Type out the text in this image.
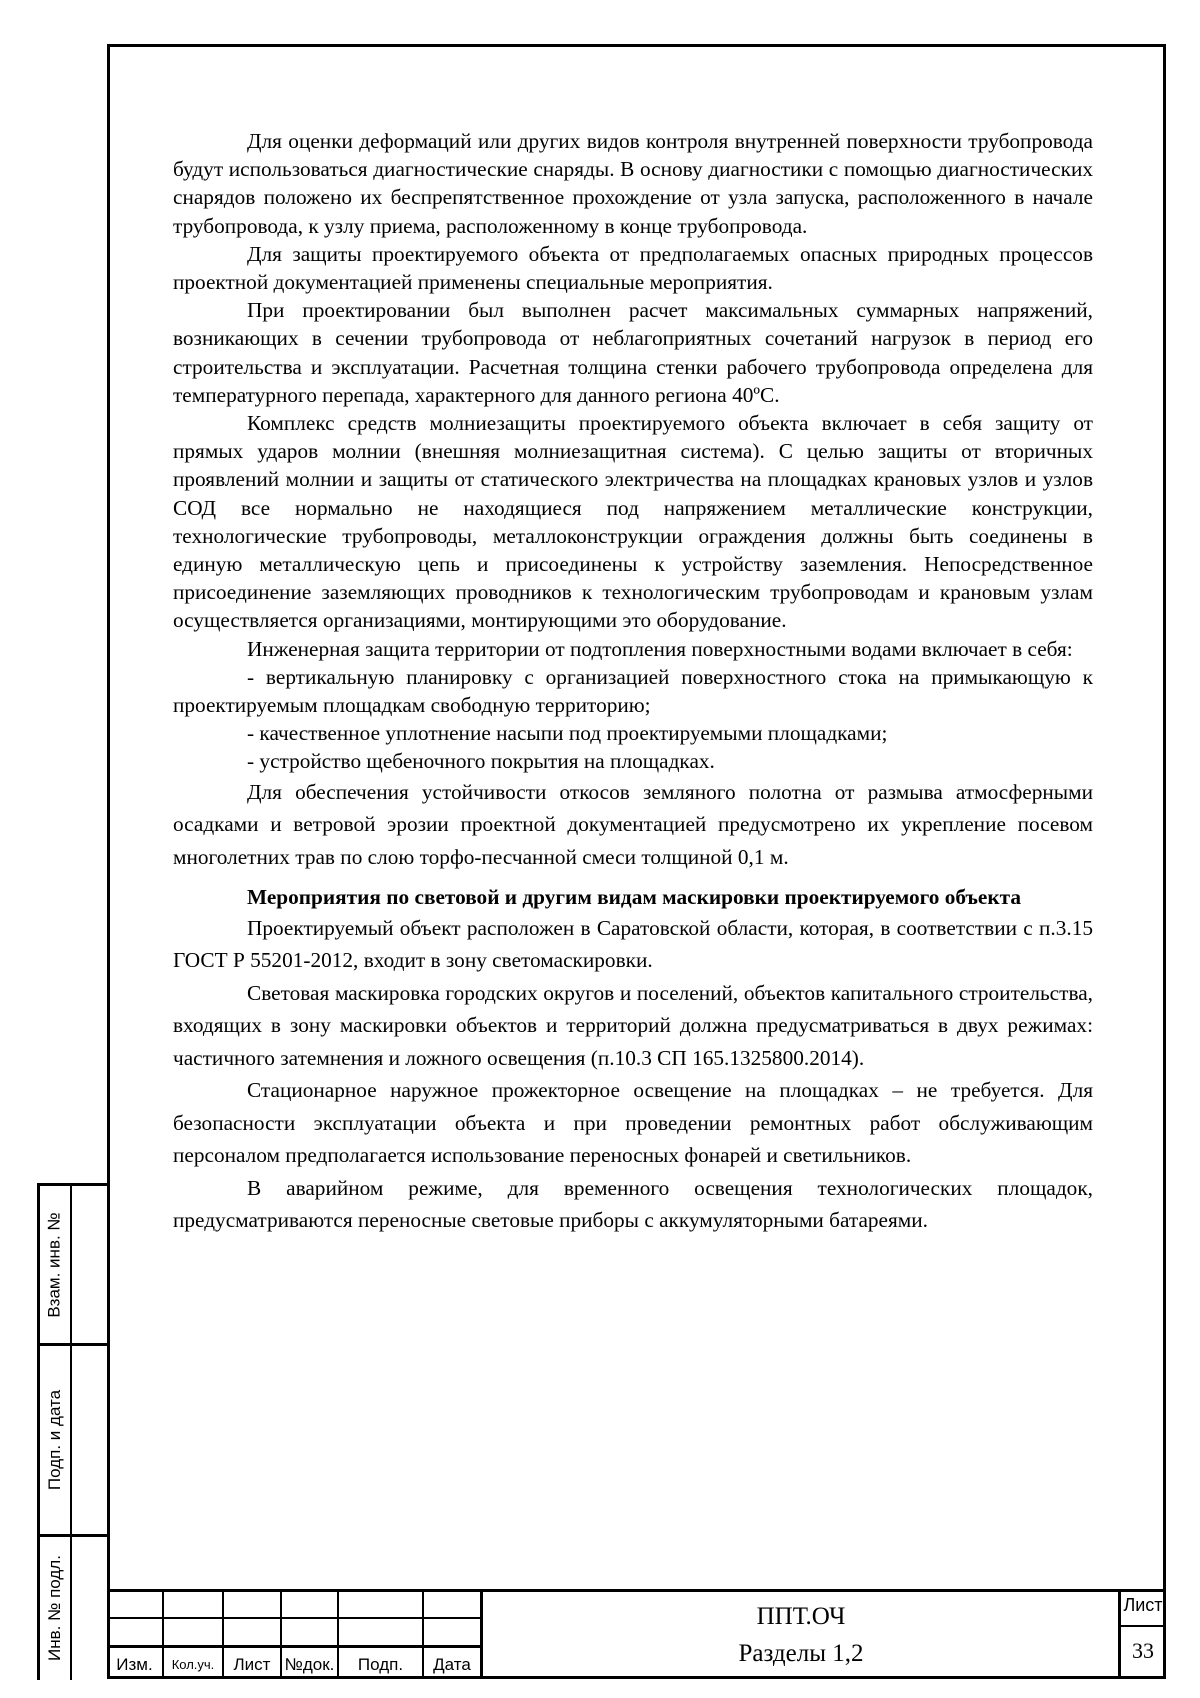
Для оценки деформаций или других видов контроля внутренней поверхности трубопровода будут использоваться диагностические снаряды. В основу диагностики с помощью диагностических снарядов положено их беспрепятственное прохождение от узла запуска, расположенного в начале трубопровода, к узлу приема, расположенному в конце трубопровода.

Для защиты проектируемого объекта от предполагаемых опасных природных процессов проектной документацией применены специальные мероприятия.

При проектировании был выполнен расчет максимальных суммарных напряжений, возникающих в сечении трубопровода от неблагоприятных сочетаний нагрузок в период его строительства и эксплуатации. Расчетная толщина стенки рабочего трубопровода определена для температурного перепада, характерного для данного региона 40ºС.

Комплекс средств молниезащиты проектируемого объекта включает в себя защиту от прямых ударов молнии (внешняя молниезащитная система). С целью защиты от вторичных проявлений молнии и защиты от статического электричества на площадках крановых узлов и узлов СОД все нормально не находящиеся под напряжением металлические конструкции, технологические трубопроводы, металлоконструкции ограждения должны быть соединены в единую металлическую цепь и присоединены к устройству заземления. Непосредственное присоединение заземляющих проводников к технологическим трубопроводам и крановым узлам осуществляется организациями, монтирующими это оборудование.

Инженерная защита территории от подтопления поверхностными водами включает в себя:

- вертикальную планировку с организацией поверхностного стока на примыкающую к проектируемым площадкам свободную территорию;

- качественное уплотнение насыпи под проектируемыми площадками;

- устройство щебеночного покрытия на площадках.

Для обеспечения устойчивости откосов земляного полотна от размыва атмосферными осадками и ветровой эрозии проектной документацией предусмотрено их укрепление посевом многолетних трав по слою торфо-песчанной смеси толщиной 0,1 м.

Мероприятия по световой и другим видам маскировки проектируемого объекта

Проектируемый объект расположен в Саратовской области, которая, в соответствии с п.3.15 ГОСТ Р 55201-2012, входит в зону светомаскировки.

Световая маскировка городских округов и поселений, объектов капитального строительства, входящих в зону маскировки объектов и территорий должна предусматриваться в двух режимах: частичного затемнения и ложного освещения (п.10.3 СП 165.1325800.2014).

Стационарное наружное прожекторное освещение на площадках – не требуется. Для безопасности эксплуатации объекта и при проведении ремонтных работ обслуживающим персоналом предполагается использование переносных фонарей и светильников.

В аварийном режиме, для временного освещения технологических площадок, предусматриваются переносные световые приборы с аккумуляторными батареями.

Взам. инв. №
Подп. и дата
Инв. № подл.
Изм.	Кол.уч.	Лист №док.	Подп.	Дата
ППТ.ОЧ
Разделы 1,2
Лист
33
